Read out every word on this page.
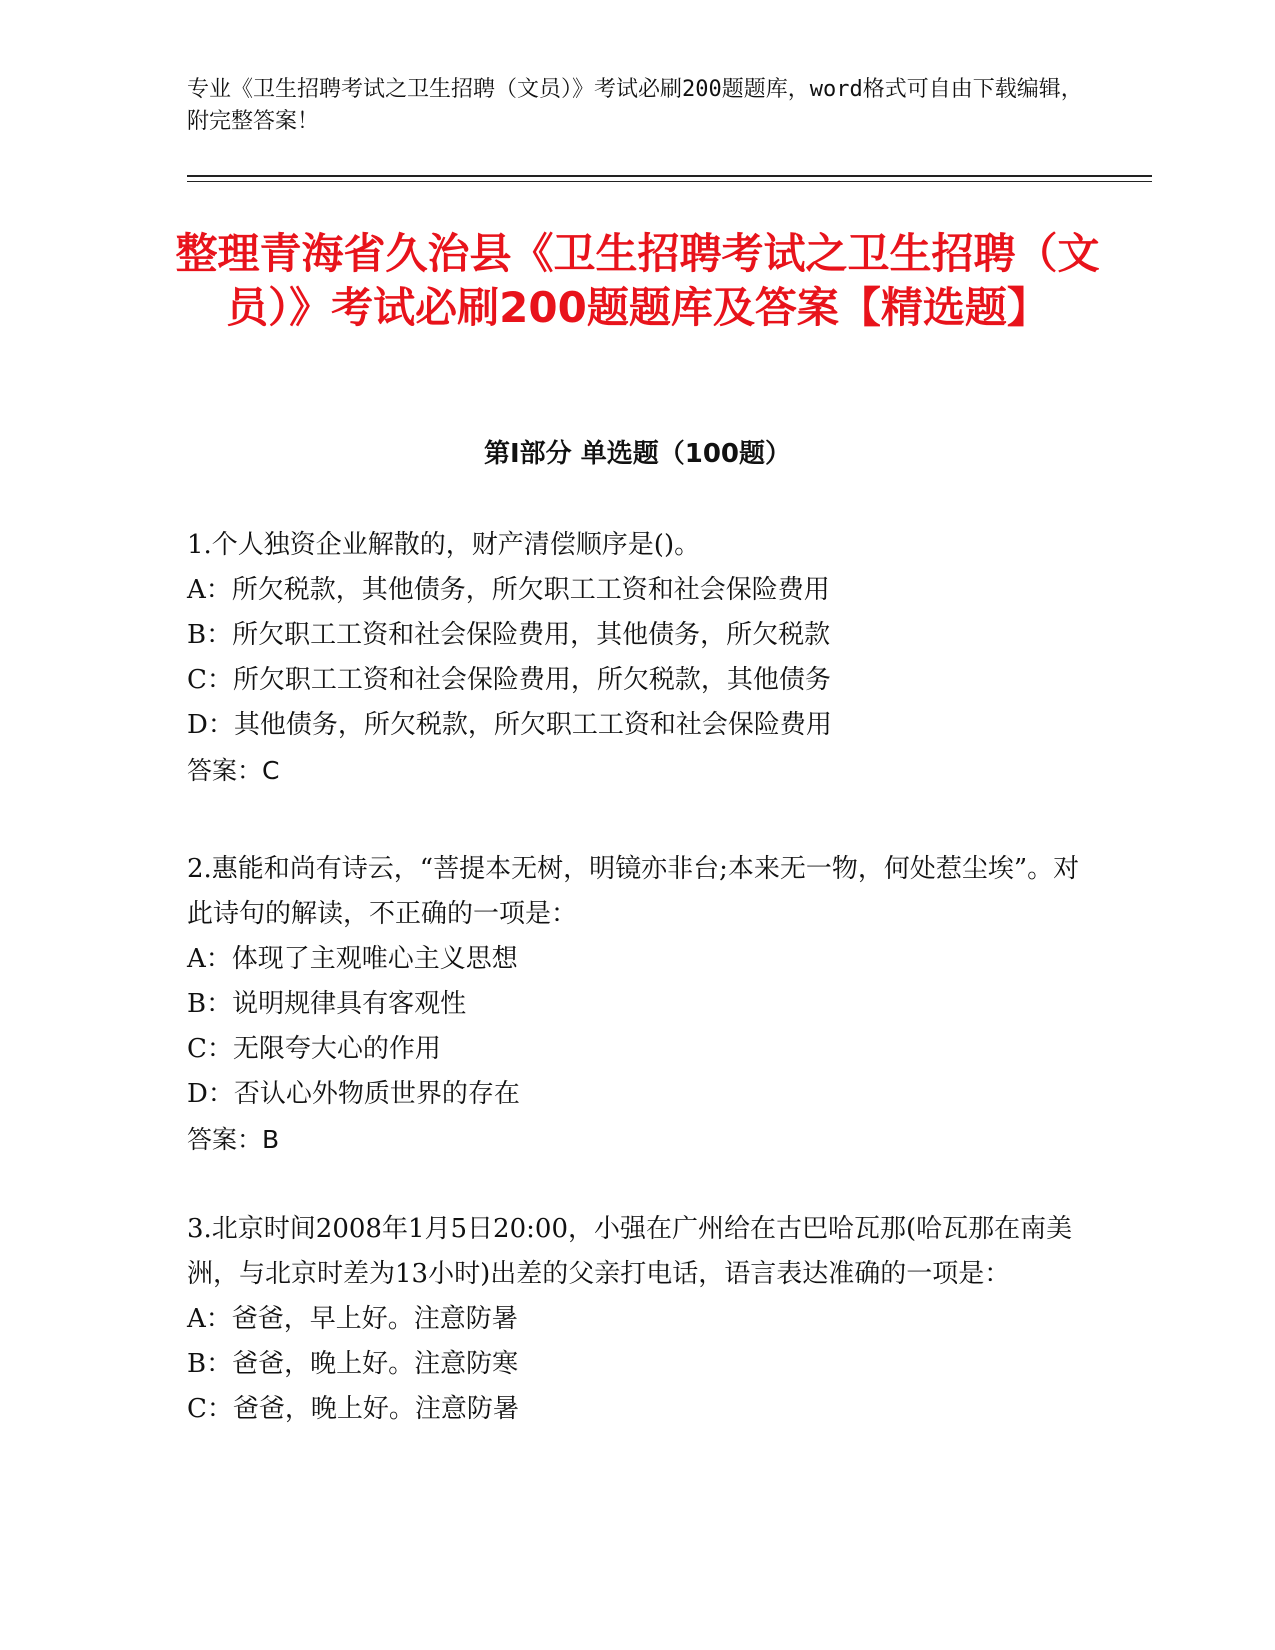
专业《卫生招聘考试之卫生招聘（文员）》考试必刷200题题库，word格式可自由下载编辑，附完整答案！
整理青海省久治县《卫生招聘考试之卫生招聘（文员）》考试必刷200题题库及答案【精选题】
第Ⅰ部分 单选题（100题）

1.个人独资企业解散的，财产清偿顺序是()。

A：所欠税款，其他债务，所欠职工工资和社会保险费用

B：所欠职工工资和社会保险费用，其他债务，所欠税款

C：所欠职工工资和社会保险费用，所欠税款，其他债务

D：其他债务，所欠税款，所欠职工工资和社会保险费用

答案：C

2.惠能和尚有诗云，“菩提本无树，明镜亦非台;本来无一物，何处惹尘埃”。对此诗句的解读，不正确的一项是：

A：体现了主观唯心主义思想

B：说明规律具有客观性

C：无限夸大心的作用

D：否认心外物质世界的存在

答案：B

3.北京时间2008年1月5日20:00，小强在广州给在古巴哈瓦那(哈瓦那在南美洲，与北京时差为13小时)出差的父亲打电话，语言表达准确的一项是：

A：爸爸，早上好。注意防暑

B：爸爸，晚上好。注意防寒

C：爸爸，晚上好。注意防暑
